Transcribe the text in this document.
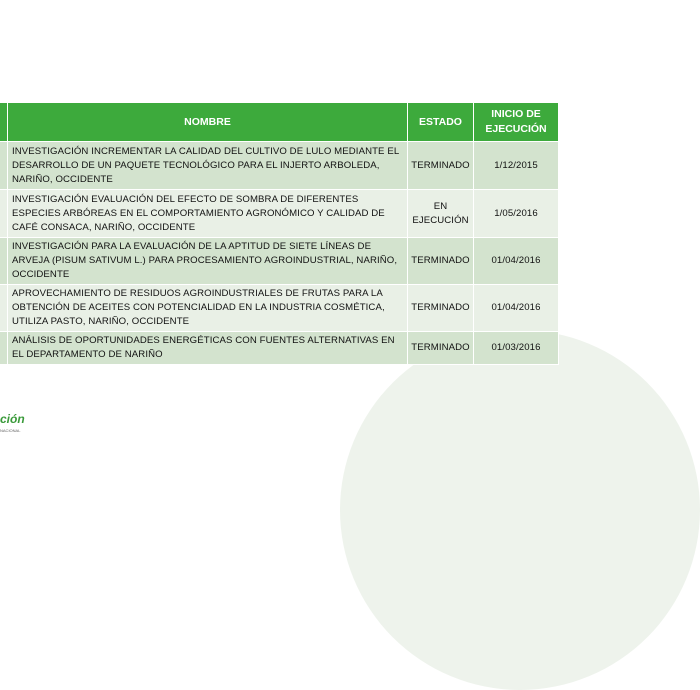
	NOMBRE	ESTADO	INICIO DE EJECUCIÓN
	INVESTIGACIÓN INCREMENTAR LA CALIDAD DEL CULTIVO DE LULO MEDIANTE EL DESARROLLO DE UN PAQUETE TECNOLÓGICO PARA EL INJERTO ARBOLEDA, NARIÑO, OCCIDENTE	TERMINADO	1/12/2015
	INVESTIGACIÓN EVALUACIÓN DEL EFECTO DE SOMBRA DE DIFERENTES ESPECIES ARBÓREAS EN EL COMPORTAMIENTO AGRONÓMICO Y CALIDAD DE CAFÉ CONSACA, NARIÑO, OCCIDENTE	EN EJECUCIÓN	1/05/2016
	INVESTIGACIÓN PARA LA EVALUACIÓN DE LA APTITUD DE SIETE LÍNEAS DE ARVEJA (PISUM SATIVUM L.) PARA PROCESAMIENTO AGROINDUSTRIAL, NARIÑO, OCCIDENTE	TERMINADO	01/04/2016
	APROVECHAMIENTO DE RESIDUOS AGROINDUSTRIALES DE FRUTAS PARA LA OBTENCIÓN DE ACEITES CON POTENCIALIDAD EN LA INDUSTRIA COSMÉTICA, UTILIZA PASTO, NARIÑO, OCCIDENTE	TERMINADO	01/04/2016
	ANÁLISIS DE OPORTUNIDADES ENERGÉTICAS CON FUENTES ALTERNATIVAS EN EL DEPARTAMENTO DE NARIÑO	TERMINADO	01/03/2016
ción
NACIONAL
